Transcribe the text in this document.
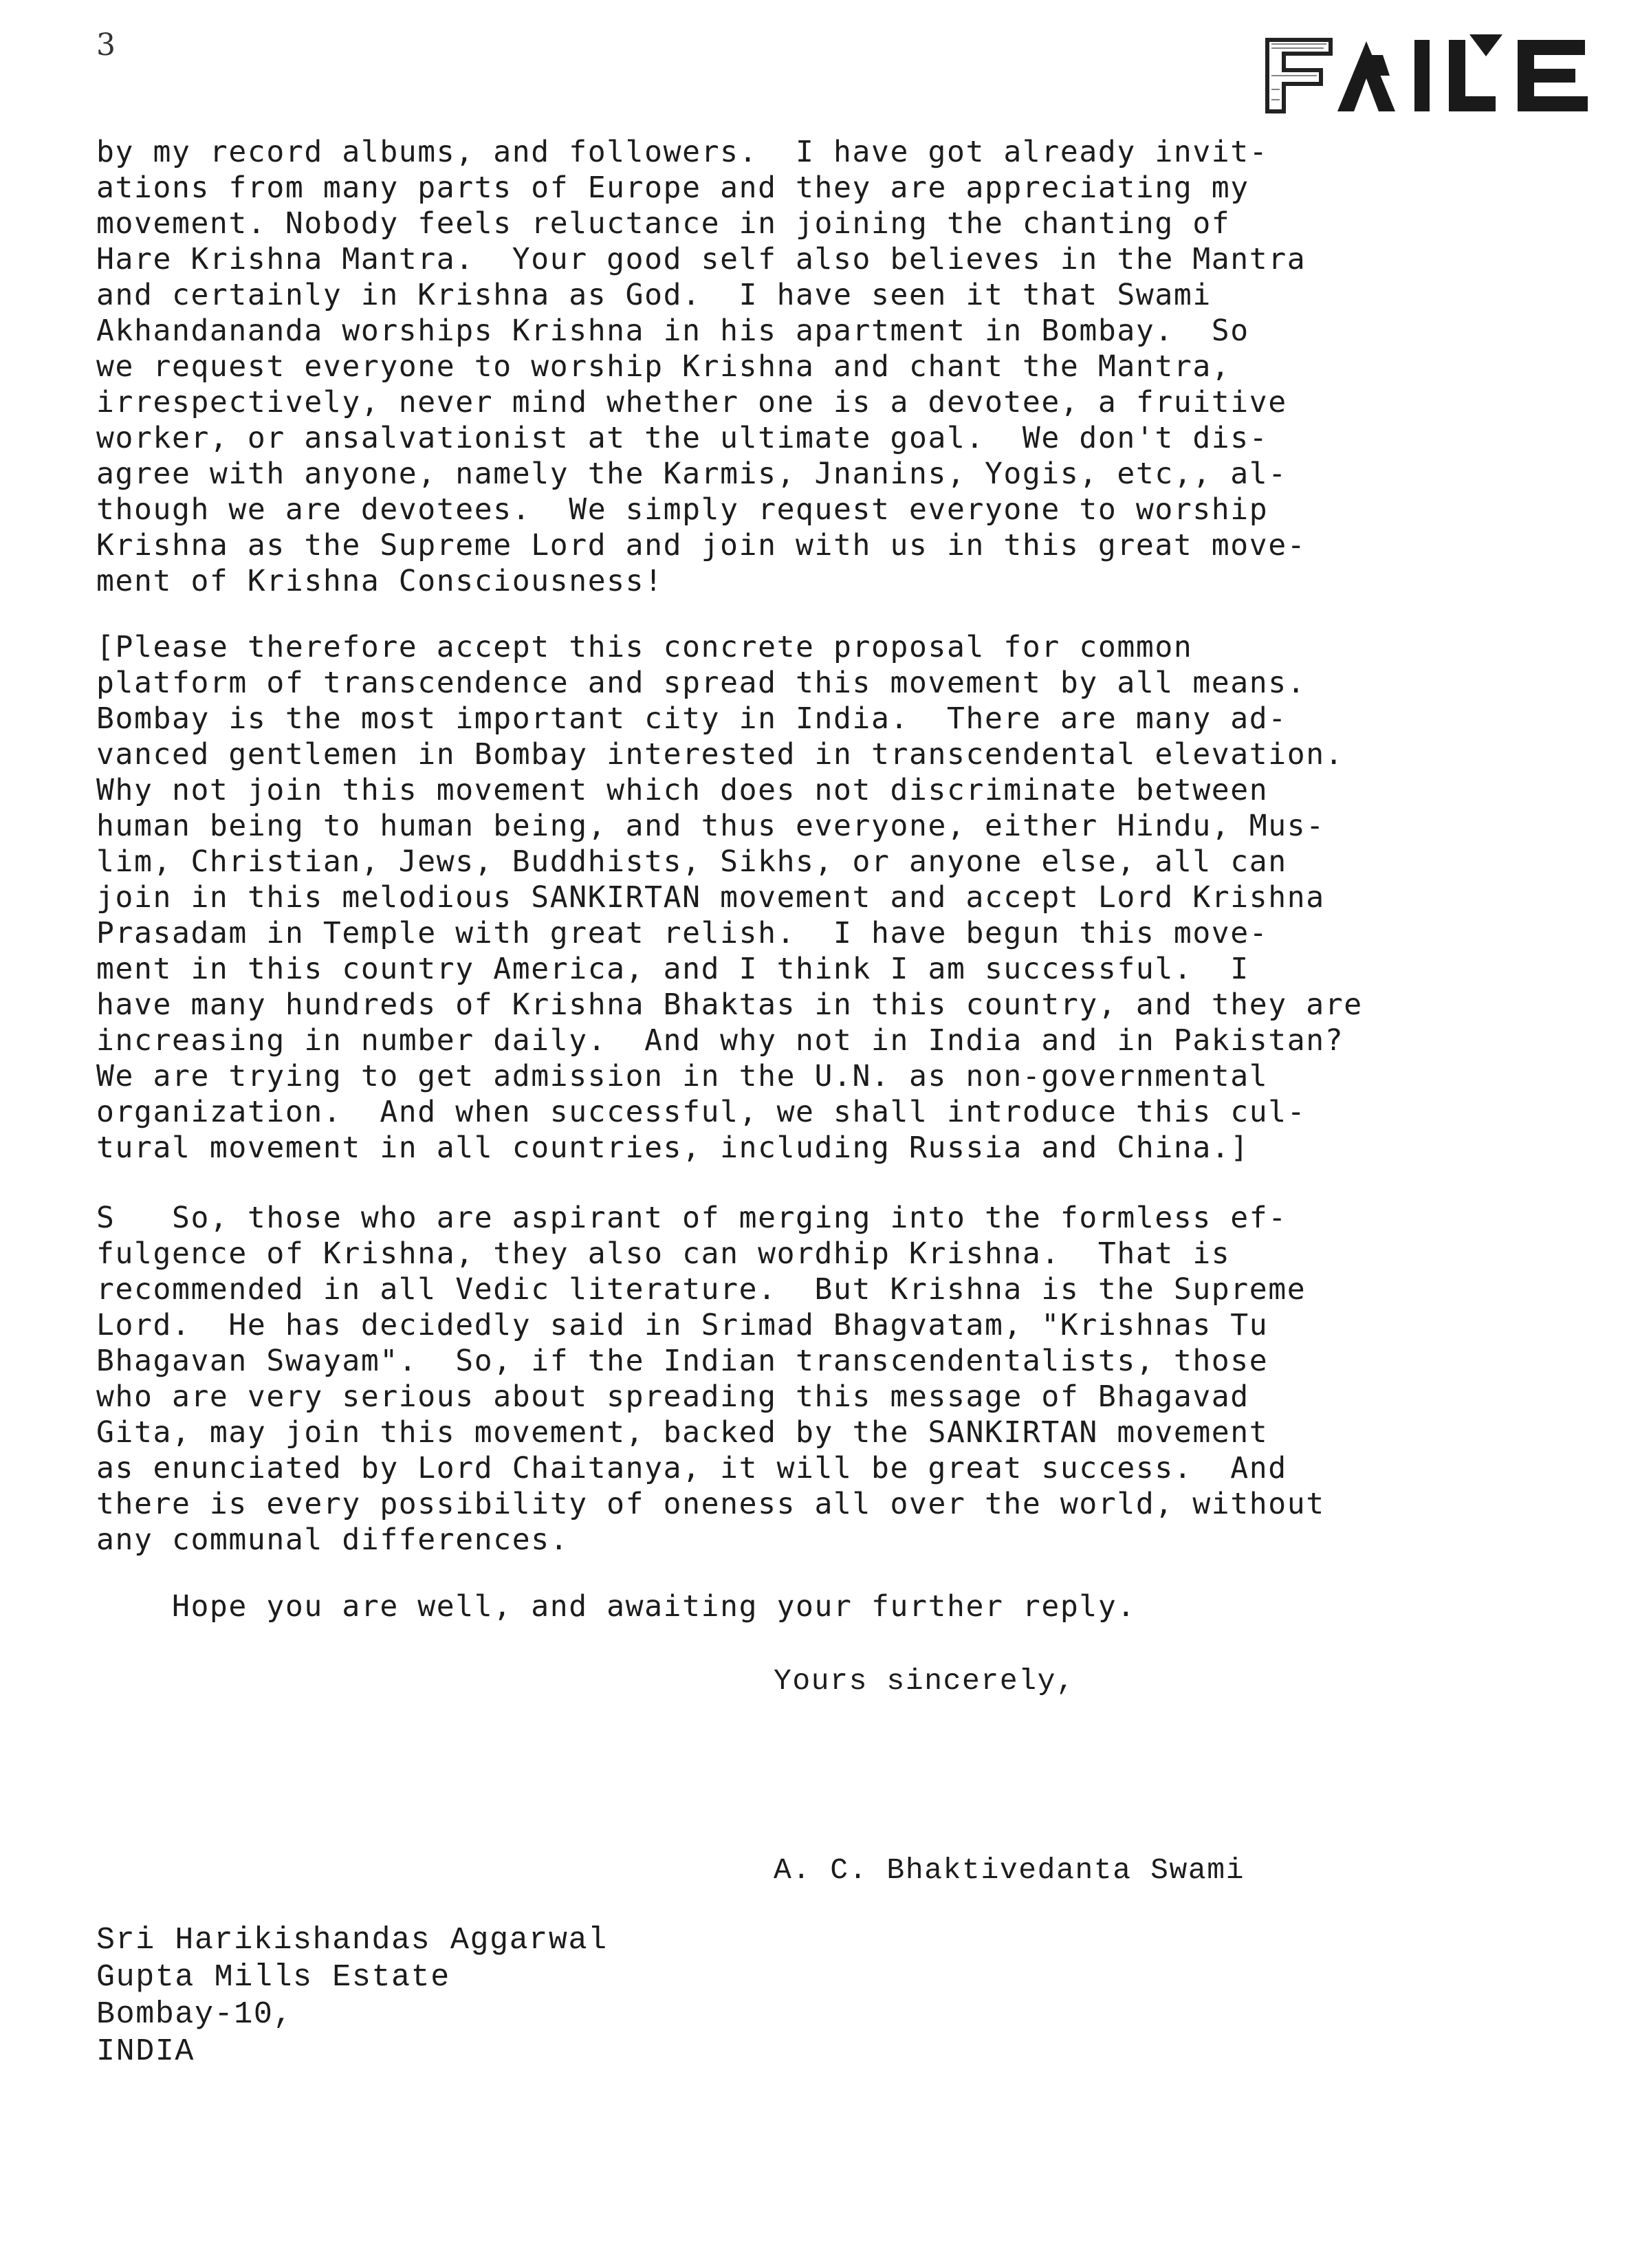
3	FILE
by my record albums, and followers.  I have got already invit-
ations from many parts of Europe and they are appreciating my
movement. Nobody feels reluctance in joining the chanting of
Hare Krishna Mantra.  Your good self also believes in the Mantra
and certainly in Krishna as God.  I have seen it that Swami
Akhandananda worships Krishna in his apartment in Bombay.  So
we request everyone to worship Krishna and chant the Mantra,
irrespectively, never mind whether one is a devotee, a fruitive
worker, or ansalvationist at the ultimate goal.  We don't dis-
agree with anyone, namely the Karmis, Jnanins, Yogis, etc,, al-
though we are devotees.  We simply request everyone to worship
Krishna as the Supreme Lord and join with us in this great move-
ment of Krishna Consciousness!
[Please therefore accept this concrete proposal for common
platform of transcendence and spread this movement by all means.
Bombay is the most important city in India.  There are many ad-
vanced gentlemen in Bombay interested in transcendental elevation.
Why not join this movement which does not discriminate between
human being to human being, and thus everyone, either Hindu, Mus-
lim, Christian, Jews, Buddhists, Sikhs, or anyone else, all can
join in this melodious SANKIRTAN movement and accept Lord Krishna
Prasadam in Temple with great relish.  I have begun this move-
ment in this country America, and I think I am successful.  I
have many hundreds of Krishna Bhaktas in this country, and they are
increasing in number daily.  And why not in India and in Pakistan?
We are trying to get admission in the U.N. as non-governmental
organization.  And when successful, we shall introduce this cul-
tural movement in all countries, including Russia and China.]
S   So, those who are aspirant of merging into the formless ef-
fulgence of Krishna, they also can wordhip Krishna.  That is
recommended in all Vedic literature.  But Krishna is the Supreme
Lord.  He has decidedly said in Srimad Bhagvatam, "Krishnas Tu
Bhagavan Swayam".  So, if the Indian transcendentalists, those
who are very serious about spreading this message of Bhagavad
Gita, may join this movement, backed by the SANKIRTAN movement
as enunciated by Lord Chaitanya, it will be great success.  And
there is every possibility of oneness all over the world, without
any communal differences.
Hope you are well, and awaiting your further reply.
Yours sincerely,
A. C. Bhaktivedanta Swami
Sri Harikishandas Aggarwal
Gupta Mills Estate
Bombay-10,
INDIA
